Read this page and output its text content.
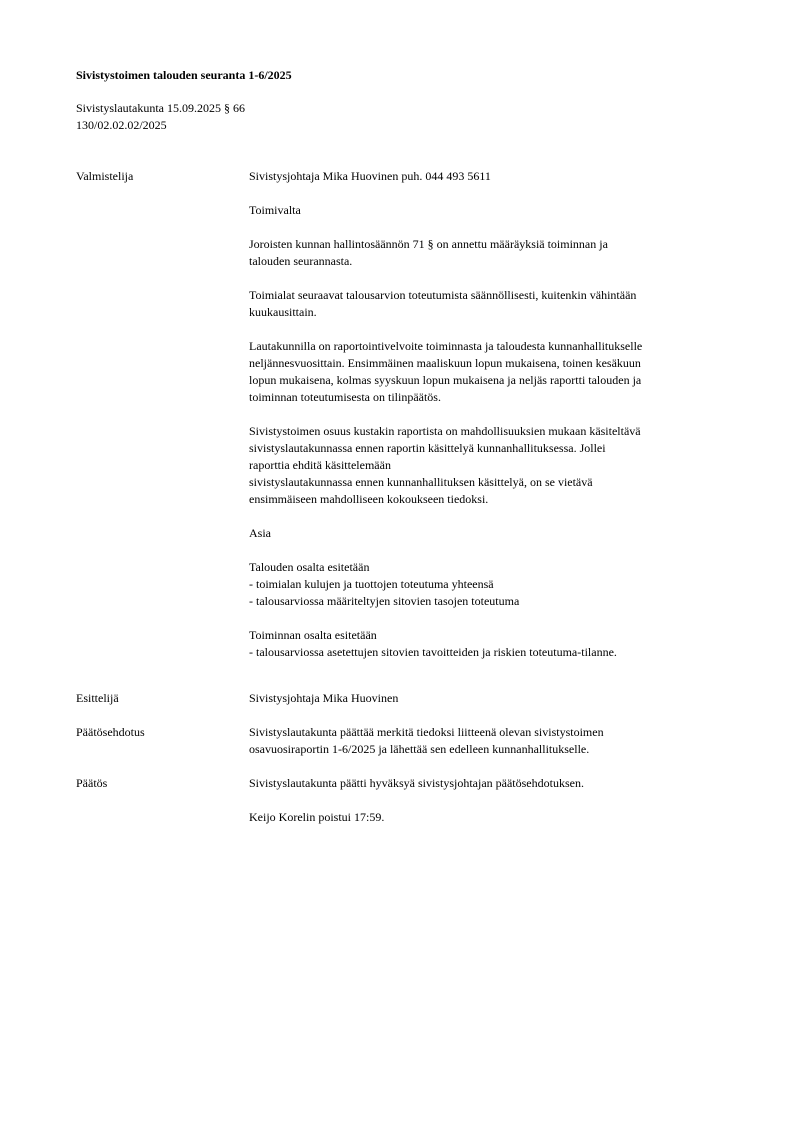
Sivistystoimen talouden seuranta 1-6/2025
Sivistyslautakunta 15.09.2025 § 66
130/02.02.02/2025
Valmistelija	Sivistysjohtaja Mika Huovinen puh. 044 493 5611

Toimivalta

Joroisten kunnan hallintosäännön 71 § on annettu määräyksiä toiminnan ja

talouden seurannasta.

Toimialat seuraavat talousarvion toteutumista säännöllisesti, kuitenkin vähintään

kuukausittain.

Lautakunnilla on raportointivelvoite toiminnasta ja taloudesta kunnanhallitukselle

neljännesvuosittain. Ensimmäinen maaliskuun lopun mukaisena, toinen kesäkuun

lopun mukaisena, kolmas syyskuun lopun mukaisena ja neljäs raportti talouden ja

toiminnan toteutumisesta on tilinpäätös.

Sivistystoimen osuus kustakin raportista on mahdollisuuksien mukaan käsiteltävä

sivistyslautakunnassa ennen raportin käsittelyä kunnanhallituksessa. Jollei

raporttia ehditä käsittelemään

sivistyslautakunnassa ennen kunnanhallituksen käsittelyä, on se vietävä

ensimmäiseen mahdolliseen kokoukseen tiedoksi.

Asia

Talouden osalta esitetään

- toimialan kulujen ja tuottojen toteutuma yhteensä

- talousarviossa määriteltyjen sitovien tasojen toteutuma

Toiminnan osalta esitetään

- talousarviossa asetettujen sitovien tavoitteiden ja riskien toteutuma-tilanne.

Esittelijä	Sivistysjohtaja Mika Huovinen

Päätösehdotus	Sivistyslautakunta päättää merkitä tiedoksi liitteenä olevan sivistystoimen

osavuosiraportin 1-6/2025 ja lähettää sen edelleen kunnanhallitukselle.

Päätös	Sivistyslautakunta päätti hyväksyä sivistysjohtajan päätösehdotuksen.

Keijo Korelin poistui 17:59.
